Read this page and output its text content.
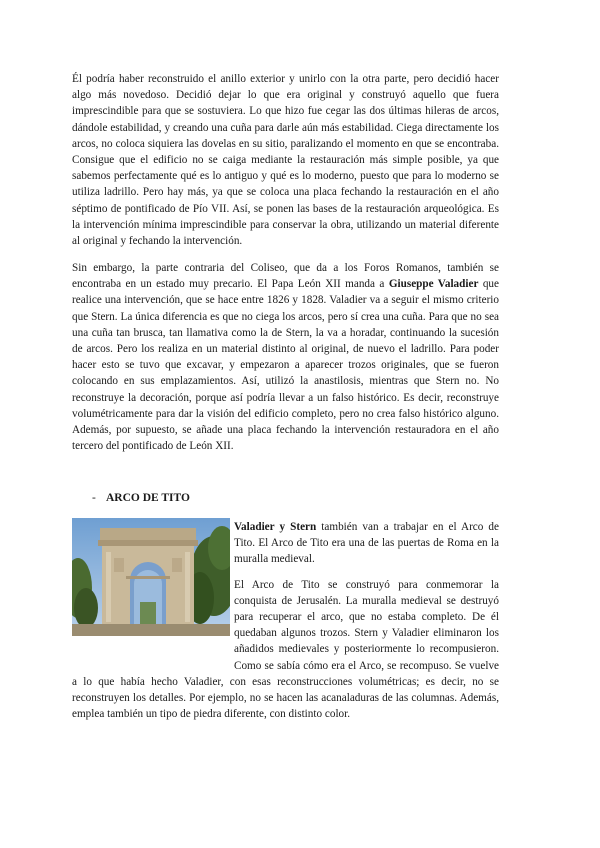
Él podría haber reconstruido el anillo exterior y unirlo con la otra parte, pero decidió hacer algo más novedoso. Decidió dejar lo que era original y construyó aquello que fuera imprescindible para que se sostuviera. Lo que hizo fue cegar las dos últimas hileras de arcos, dándole estabilidad, y creando una cuña para darle aún más estabilidad. Ciega directamente los arcos, no coloca siquiera las dovelas en su sitio, paralizando el momento en que se encontraba. Consigue que el edificio no se caiga mediante la restauración más simple posible, ya que sabemos perfectamente qué es lo antiguo y qué es lo moderno, puesto que para lo moderno se utiliza ladrillo. Pero hay más, ya que se coloca una placa fechando la restauración en el año séptimo de pontificado de Pío VII. Así, se ponen las bases de la restauración arqueológica. Es la intervención mínima imprescindible para conservar la obra, utilizando un material diferente al original y fechando la intervención.

Sin embargo, la parte contraria del Coliseo, que da a los Foros Romanos, también se encontraba en un estado muy precario. El Papa León XII manda a Giuseppe Valadier que realice una intervención, que se hace entre 1826 y 1828. Valadier va a seguir el mismo criterio que Stern. La única diferencia es que no ciega los arcos, pero sí crea una cuña. Para que no sea una cuña tan brusca, tan llamativa como la de Stern, la va a horadar, continuando la sucesión de arcos. Pero los realiza en un material distinto al original, de nuevo el ladrillo. Para poder hacer esto se tuvo que excavar, y empezaron a aparecer trozos originales, que se fueron colocando en sus emplazamientos. Así, utilizó la anastilosis, mientras que Stern no. No reconstruye la decoración, porque así podría llevar a un falso histórico. Es decir, reconstruye volumétricamente para dar la visión del edificio completo, pero no crea falso histórico alguno. Además, por supuesto, se añade una placa fechando la intervención restauradora en el año tercero del pontificado de León XII.

- ARCO DE TITO

Valadier y Stern también van a trabajar en el Arco de Tito. El Arco de Tito era una de las puertas de Roma en la muralla medieval.

El Arco de Tito se construyó para conmemorar la conquista de Jerusalén. La muralla medieval se destruyó para recuperar el arco, que no estaba completo. De él quedaban algunos trozos. Stern y Valadier eliminaron los añadidos medievales y posteriormente lo recompusieron. Como se sabía cómo era el Arco, se recompuso. Se vuelve a lo que había hecho Valadier, con esas reconstrucciones volumétricas; es decir, no se reconstruyen los detalles. Por ejemplo, no se hacen las acanaladuras de las columnas. Además, emplea también un tipo de piedra diferente, con distinto color.
